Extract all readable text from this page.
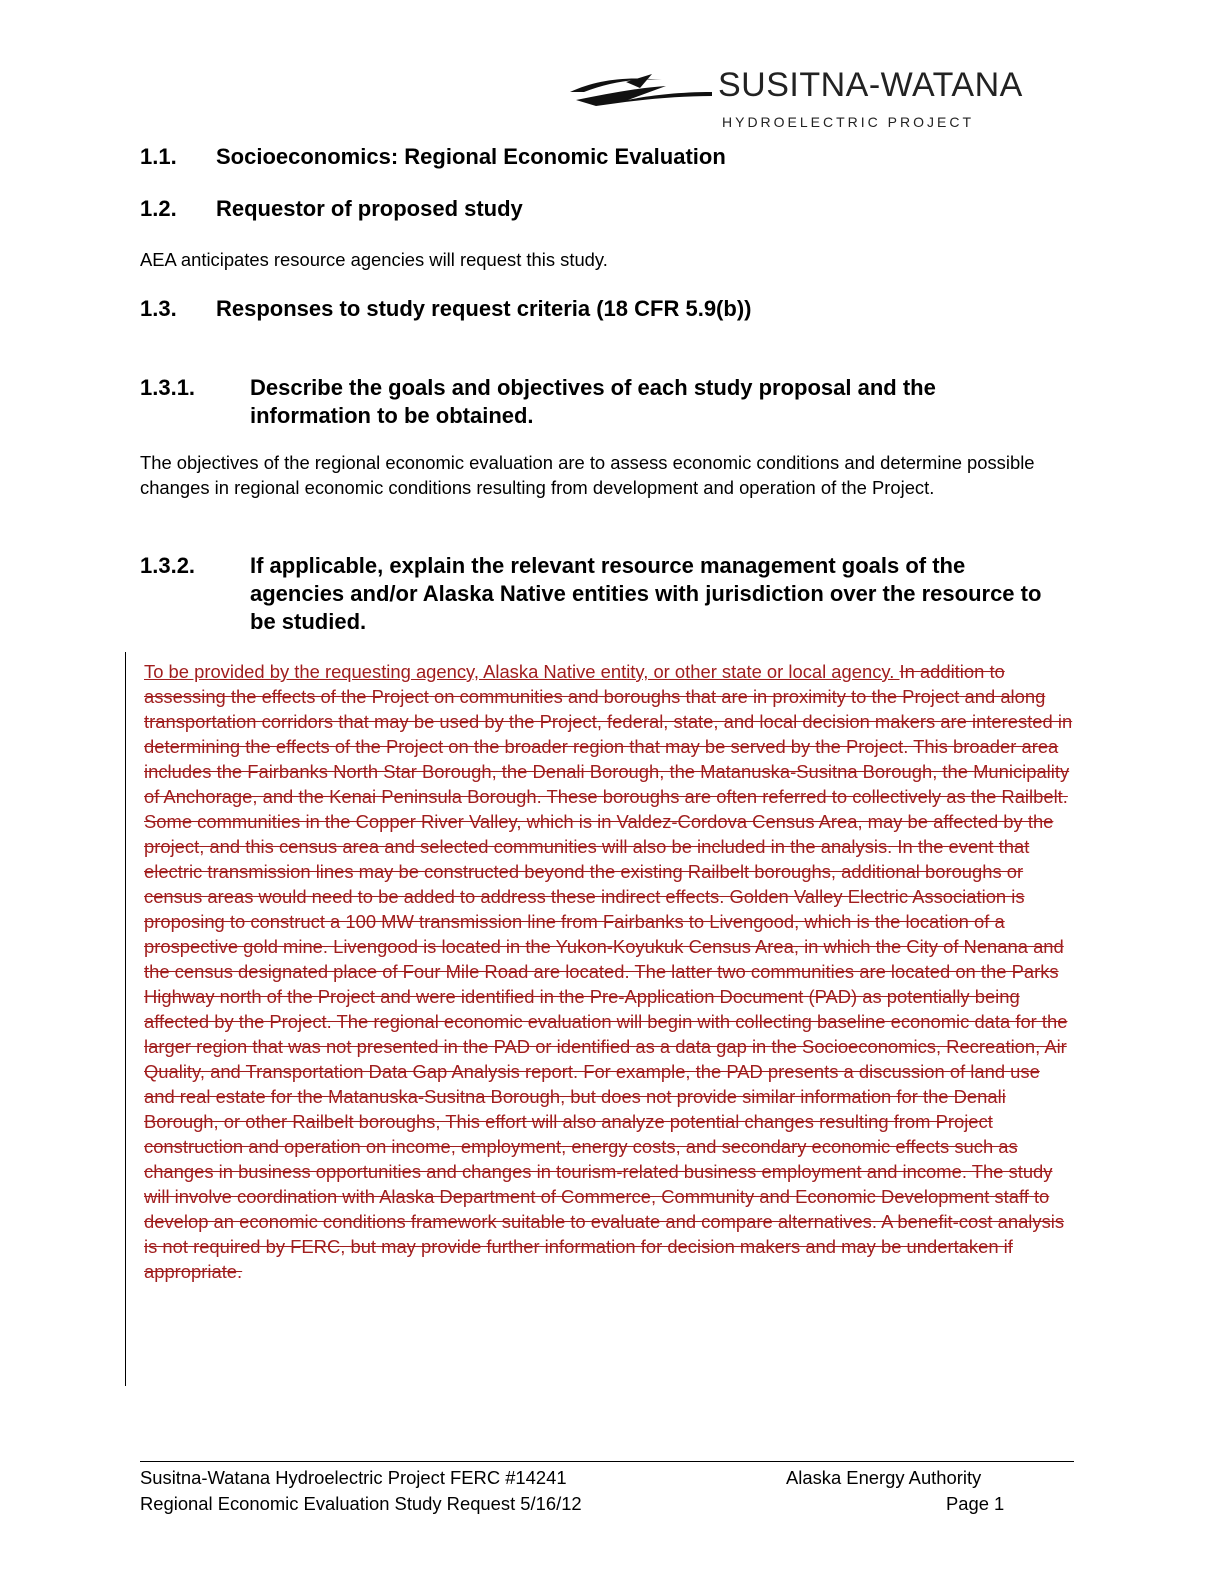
SUSITNA-WATANA
HYDROELECTRIC PROJECT
1.1. Socioeconomics: Regional Economic Evaluation
1.2. Requestor of proposed study
AEA anticipates resource agencies will request this study.
1.3. Responses to study request criteria (18 CFR 5.9(b))
1.3.1. Describe the goals and objectives of each study proposal and the information to be obtained.
The objectives of the regional economic evaluation are to assess economic conditions and determine possible changes in regional economic conditions resulting from development and operation of the Project.
1.3.2. If applicable, explain the relevant resource management goals of the agencies and/or Alaska Native entities with jurisdiction over the resource to be studied.
To be provided by the requesting agency, Alaska Native entity, or other state or local agency. In addition to assessing the effects of the Project on communities and boroughs that are in proximity to the Project and along transportation corridors that may be used by the Project, federal, state, and local decision makers are interested in determining the effects of the Project on the broader region that may be served by the Project. This broader area includes the Fairbanks North Star Borough, the Denali Borough, the Matanuska-Susitna Borough, the Municipality of Anchorage, and the Kenai Peninsula Borough. These boroughs are often referred to collectively as the Railbelt. Some communities in the Copper River Valley, which is in Valdez-Cordova Census Area, may be affected by the project, and this census area and selected communities will also be included in the analysis. In the event that electric transmission lines may be constructed beyond the existing Railbelt boroughs, additional boroughs or census areas would need to be added to address these indirect effects. Golden Valley Electric Association is proposing to construct a 100 MW transmission line from Fairbanks to Livengood, which is the location of a prospective gold mine. Livengood is located in the Yukon-Koyukuk Census Area, in which the City of Nenana and the census designated place of Four Mile Road are located. The latter two communities are located on the Parks Highway north of the Project and were identified in the Pre-Application Document (PAD) as potentially being affected by the Project. The regional economic evaluation will begin with collecting baseline economic data for the larger region that was not presented in the PAD or identified as a data gap in the Socioeconomics, Recreation, Air Quality, and Transportation Data Gap Analysis report. For example, the PAD presents a discussion of land use and real estate for the Matanuska-Susitna Borough, but does not provide similar information for the Denali Borough, or other Railbelt boroughs, This effort will also analyze potential changes resulting from Project construction and operation on income, employment, energy costs, and secondary economic effects such as changes in business opportunities and changes in tourism-related business employment and income. The study will involve coordination with Alaska Department of Commerce, Community and Economic Development staff to develop an economic conditions framework suitable to evaluate and compare alternatives. A benefit-cost analysis is not required by FERC, but may provide further information for decision makers and may be undertaken if appropriate.
Susitna-Watana Hydroelectric Project FERC #14241
Regional Economic Evaluation Study Request 5/16/12
Alaska Energy Authority
Page 1
